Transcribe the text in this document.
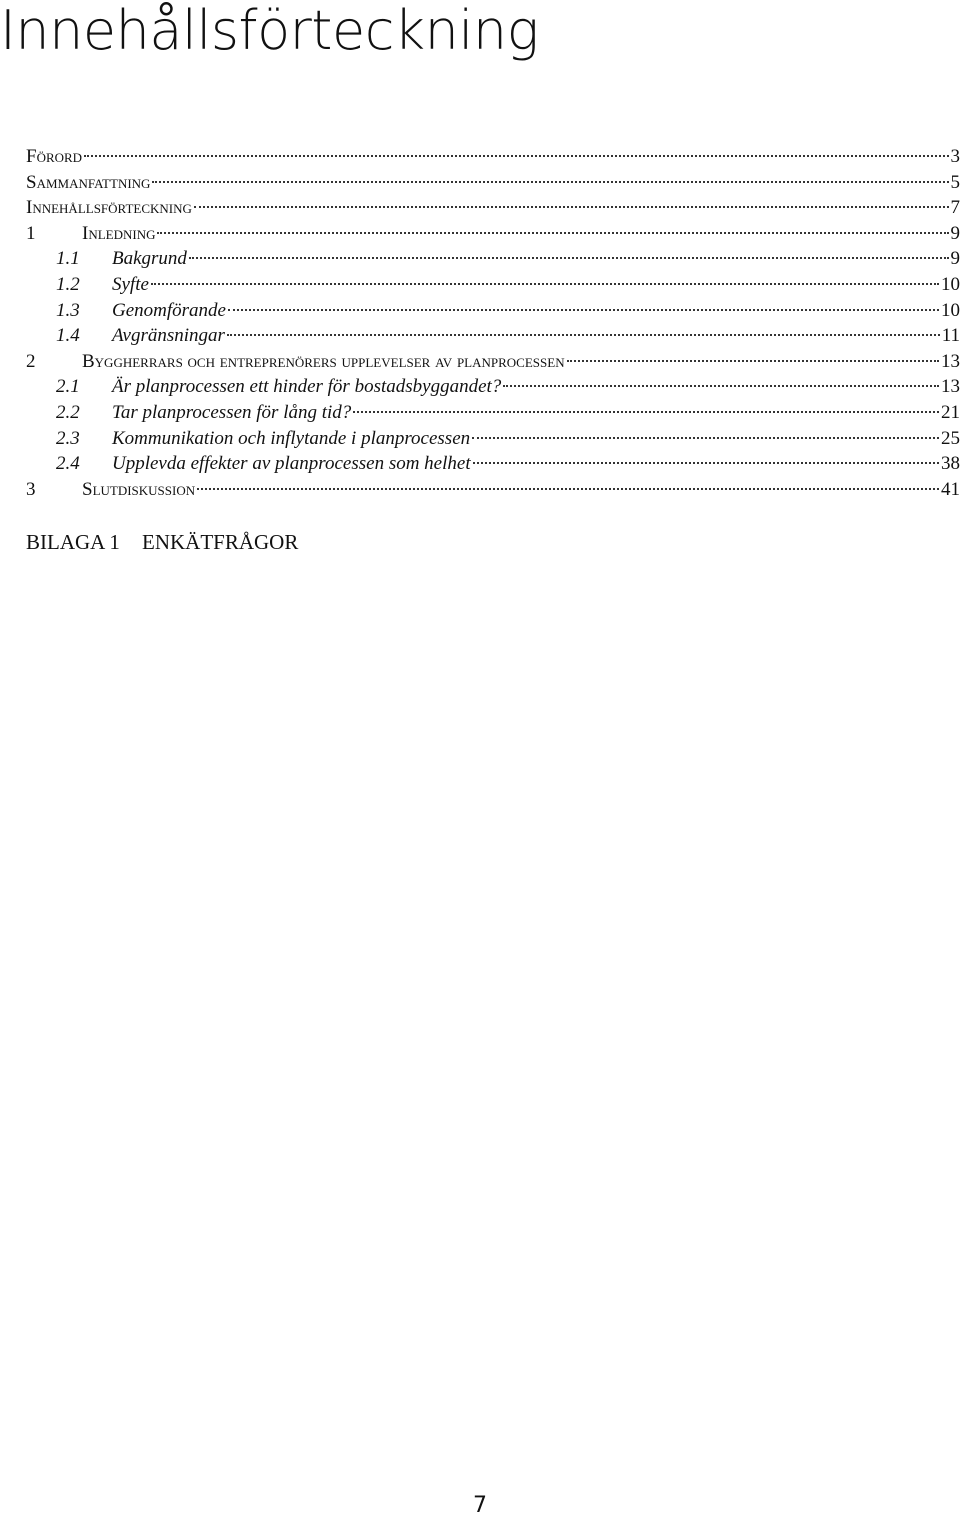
Innehållsförteckning
Förord	3
Sammanfattning	5
Innehållsförteckning	7
1	Inledning	9
1.1	Bakgrund	9
1.2	Syfte	10
1.3	Genomförande	10
1.4	Avgränsningar	11
2	Byggherrars och entreprenörers upplevelser av planprocessen	13
2.1	Är planprocessen ett hinder för bostadsbyggandet?	13
2.2	Tar planprocessen för lång tid?	21
2.3	Kommunikation och inflytande i planprocessen	25
2.4	Upplevda effekter av planprocessen som helhet	38
3	Slutdiskussion	41
BILAGA 1 ENKÄTFRÅGOR
7
